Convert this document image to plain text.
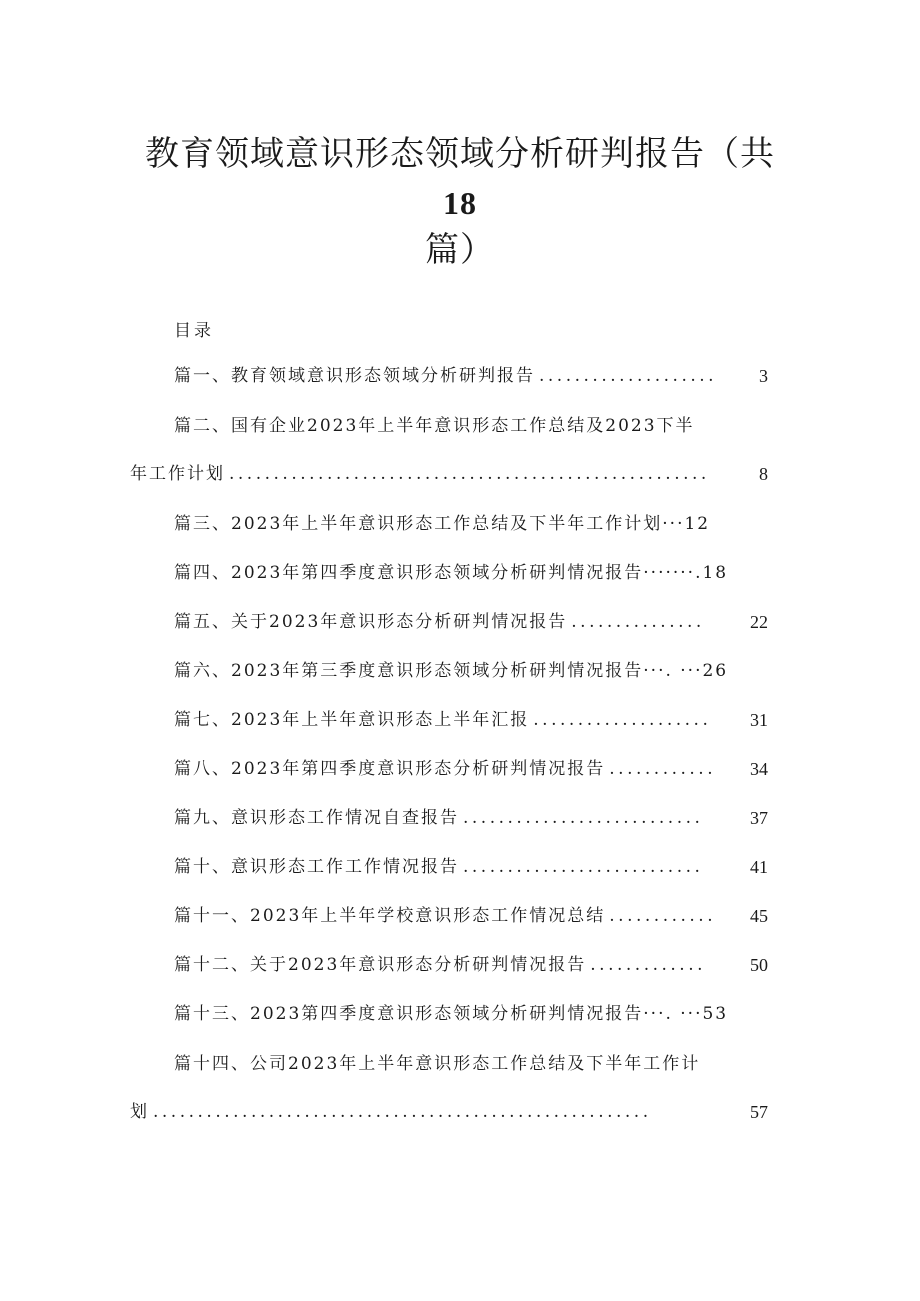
教育领域意识形态领域分析研判报告（共
18
篇）
目录
篇一、教育领域意识形态领域分析研判报告 ....................	3
篇二、国有企业2023年上半年意识形态工作总结及2023下半
年工作计划 ......................................................	8
篇三、2023年上半年意识形态工作总结及下半年工作计划···12
篇四、2023年第四季度意识形态领域分析研判情况报告·······.18
篇五、关于2023年意识形态分析研判情况报告 ...............	22
篇六、2023年第三季度意识形态领域分析研判情况报告···. ···26
篇七、2023年上半年意识形态上半年汇报 ....................	31
篇八、2023年第四季度意识形态分析研判情况报告 ............	34
篇九、意识形态工作情况自查报告 ...........................	37
篇十、意识形态工作工作情况报告 ...........................	41
篇十一、2023年上半年学校意识形态工作情况总结 ............	45
篇十二、关于2023年意识形态分析研判情况报告 .............	50
篇十三、2023第四季度意识形态领域分析研判情况报告···. ···53
篇十四、公司2023年上半年意识形态工作总结及下半年工作计
划 ........................................................	57
